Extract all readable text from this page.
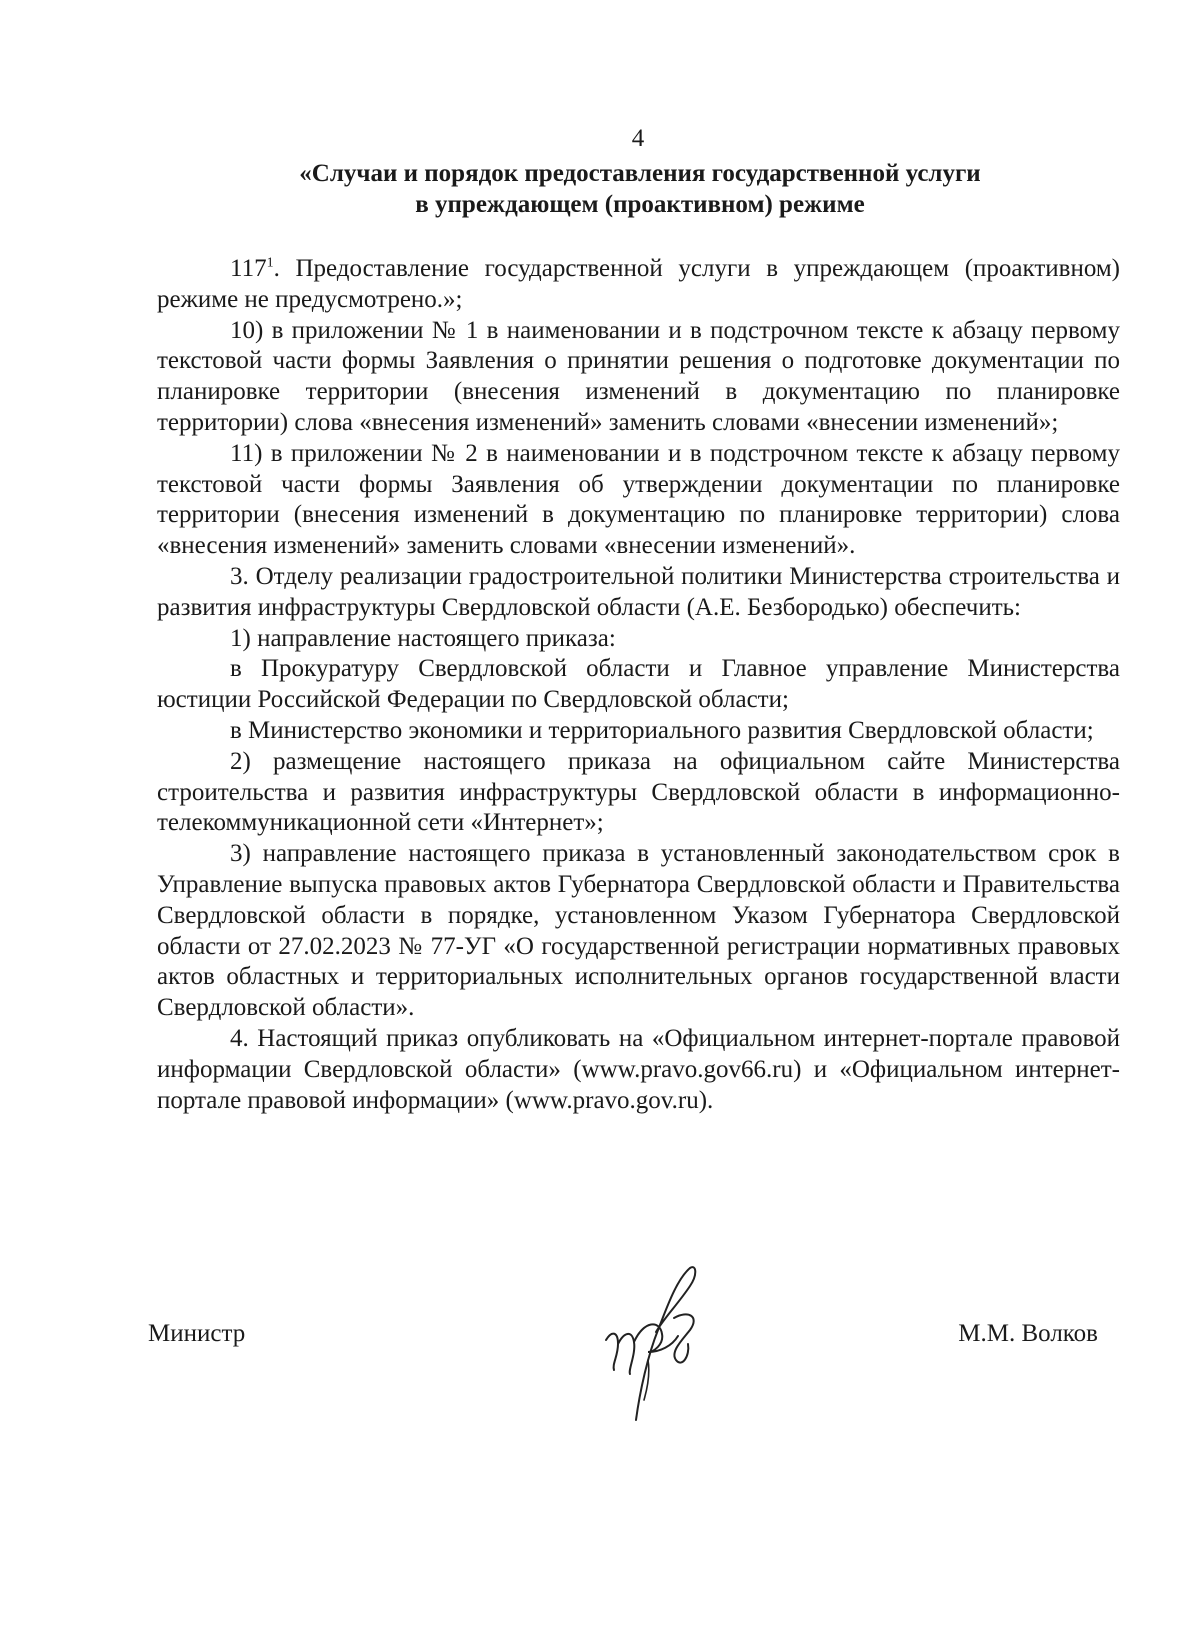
4
«Случаи и порядок предоставления государственной услуги
в упреждающем (проактивном) режиме

$117^1$. Предоставление государственной услуги в упреждающем (проактивном) режиме не предусмотрено.»;

10) в приложении № 1 в наименовании и в подстрочном тексте к абзацу первому текстовой части формы Заявления о принятии решения о подготовке документации по планировке территории (внесения изменений в документацию по планировке территории) слова «внесения изменений» заменить словами «внесении изменений»;

11) в приложении № 2 в наименовании и в подстрочном тексте к абзацу первому текстовой части формы Заявления об утверждении документации по планировке территории (внесения изменений в документацию по планировке территории) слова «внесения изменений» заменить словами «внесении изменений».

3. Отделу реализации градостроительной политики Министерства строительства и развития инфраструктуры Свердловской области (А.Е. Безбородько) обеспечить:

1) направление настоящего приказа:

в Прокуратуру Свердловской области и Главное управление Министерства юстиции Российской Федерации по Свердловской области;

в Министерство экономики и территориального развития Свердловской области;

2) размещение настоящего приказа на официальном сайте Министерства строительства и развития инфраструктуры Свердловской области в информационно-телекоммуникационной сети «Интернет»;

3) направление настоящего приказа в установленный законодательством срок в Управление выпуска правовых актов Губернатора Свердловской области и Правительства Свердловской области в порядке, установленном Указом Губернатора Свердловской области от 27.02.2023 № 77-УГ «О государственной регистрации нормативных правовых актов областных и территориальных исполнительных органов государственной власти Свердловской области».

4. Настоящий приказ опубликовать на «Официальном интернет-портале правовой информации Свердловской области» (www.pravo.gov66.ru) и «Официальном интернет-портале правовой информации» (www.pravo.gov.ru).

Министр	М.М. Волков
